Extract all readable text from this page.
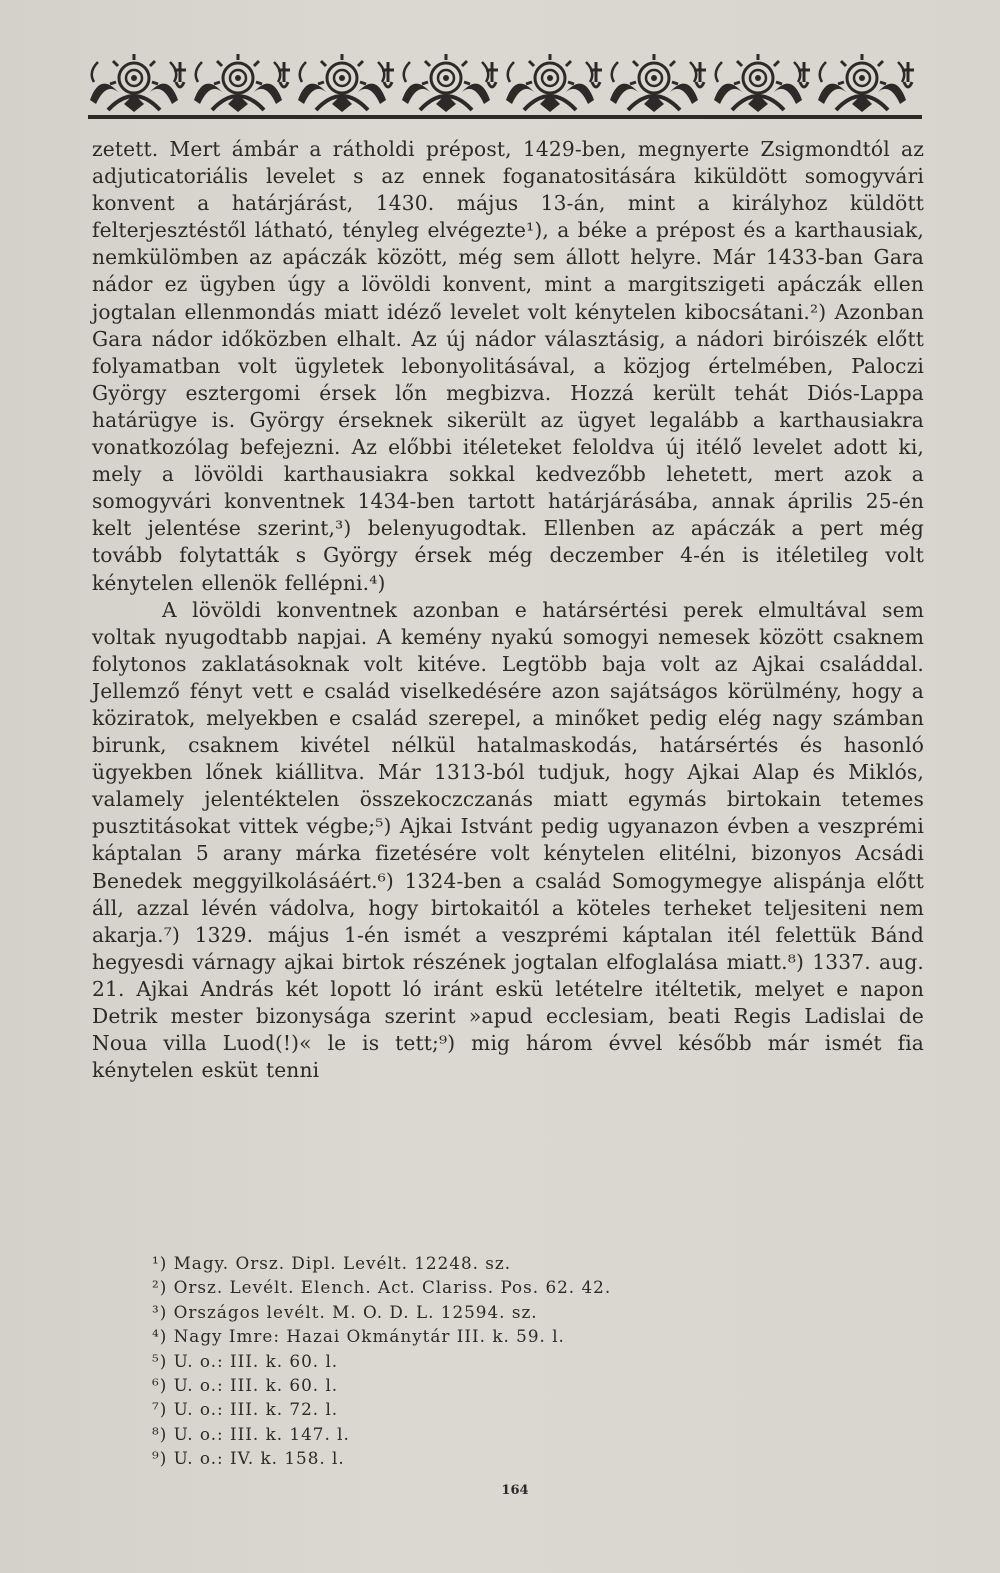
zetett. Mert ámbár a rátholdi prépost, 1429-ben, megnyerte Zsigmondtól az adjuticatoriális levelet s az ennek foganatositására kiküldött somogyvári konvent a határjárást, 1430. május 13-án, mint a királyhoz küldött felterjesztéstől látható, tényleg elvégezte¹), a béke a prépost és a karthausiak, nemkülömben az apáczák között, még sem állott helyre. Már 1433-ban Gara nádor ez ügyben úgy a lövöldi konvent, mint a margitszigeti apáczák ellen jogtalan ellenmondás miatt idéző levelet volt kénytelen kibocsátani.²) Azonban Gara nádor időközben elhalt. Az új nádor választásig, a nádori biróiszék előtt folyamatban volt ügyletek lebonyolitásával, a közjog értelmében, Paloczi György esztergomi érsek lőn megbizva. Hozzá került tehát Diós-Lappa határügye is. György érseknek sikerült az ügyet legalább a karthausiakra vonatkozólag befejezni. Az előbbi itéleteket feloldva új itélő levelet adott ki, mely a lövöldi karthausiakra sokkal kedvezőbb lehetett, mert azok a somogyvári konventnek 1434-ben tartott határjárásába, annak április 25-én kelt jelentése szerint,³) belenyugodtak. Ellenben az apáczák a pert még tovább folytatták s György érsek még deczember 4-én is itéletileg volt kénytelen ellenök fellépni.⁴)

A lövöldi konventnek azonban e határsértési perek elmultával sem voltak nyugodtabb napjai. A kemény nyakú somogyi nemesek között csaknem folytonos zaklatásoknak volt kitéve. Legtöbb baja volt az Ajkai családdal. Jellemző fényt vett e család viselkedésére azon sajátságos körülmény, hogy a köziratok, melyekben e család szerepel, a minőket pedig elég nagy számban birunk, csaknem kivétel nélkül hatalmaskodás, határsértés és hasonló ügyekben lőnek kiállitva. Már 1313-ból tudjuk, hogy Ajkai Alap és Miklós, valamely jelentéktelen összekoczczanás miatt egymás birtokain tetemes pusztitásokat vittek végbe;⁵) Ajkai Istvánt pedig ugyanazon évben a veszprémi káptalan 5 arany márka fizetésére volt kénytelen elitélni, bizonyos Acsádi Benedek meggyilkolásáért.⁶) 1324-ben a család Somogymegye alispánja előtt áll, azzal lévén vádolva, hogy birtokaitól a köteles terheket teljesiteni nem akarja.⁷) 1329. május 1-én ismét a veszprémi káptalan itél felettük Bánd hegyesdi várnagy ajkai birtok részének jogtalan elfoglalása miatt.⁸) 1337. aug. 21. Ajkai András két lopott ló iránt eskü letételre itéltetik, melyet e napon Detrik mester bizonysága szerint »apud ecclesiam, beati Regis Ladislai de Noua villa Luod(!)« le is tett;⁹) mig három évvel később már ismét fia kénytelen esküt tenni

¹) Magy. Orsz. Dipl. Levélt. 12248. sz.
²) Orsz. Levélt. Elench. Act. Clariss. Pos. 62. 42.
³) Országos levélt. M. O. D. L. 12594. sz.
⁴) Nagy Imre: Hazai Okmánytár III. k. 59. l.
⁵) U. o.: III. k. 60. l.
⁶) U. o.: III. k. 60. l.
⁷) U. o.: III. k. 72. l.
⁸) U. o.: III. k. 147. l.
⁹) U. o.: IV. k. 158. l.
164
